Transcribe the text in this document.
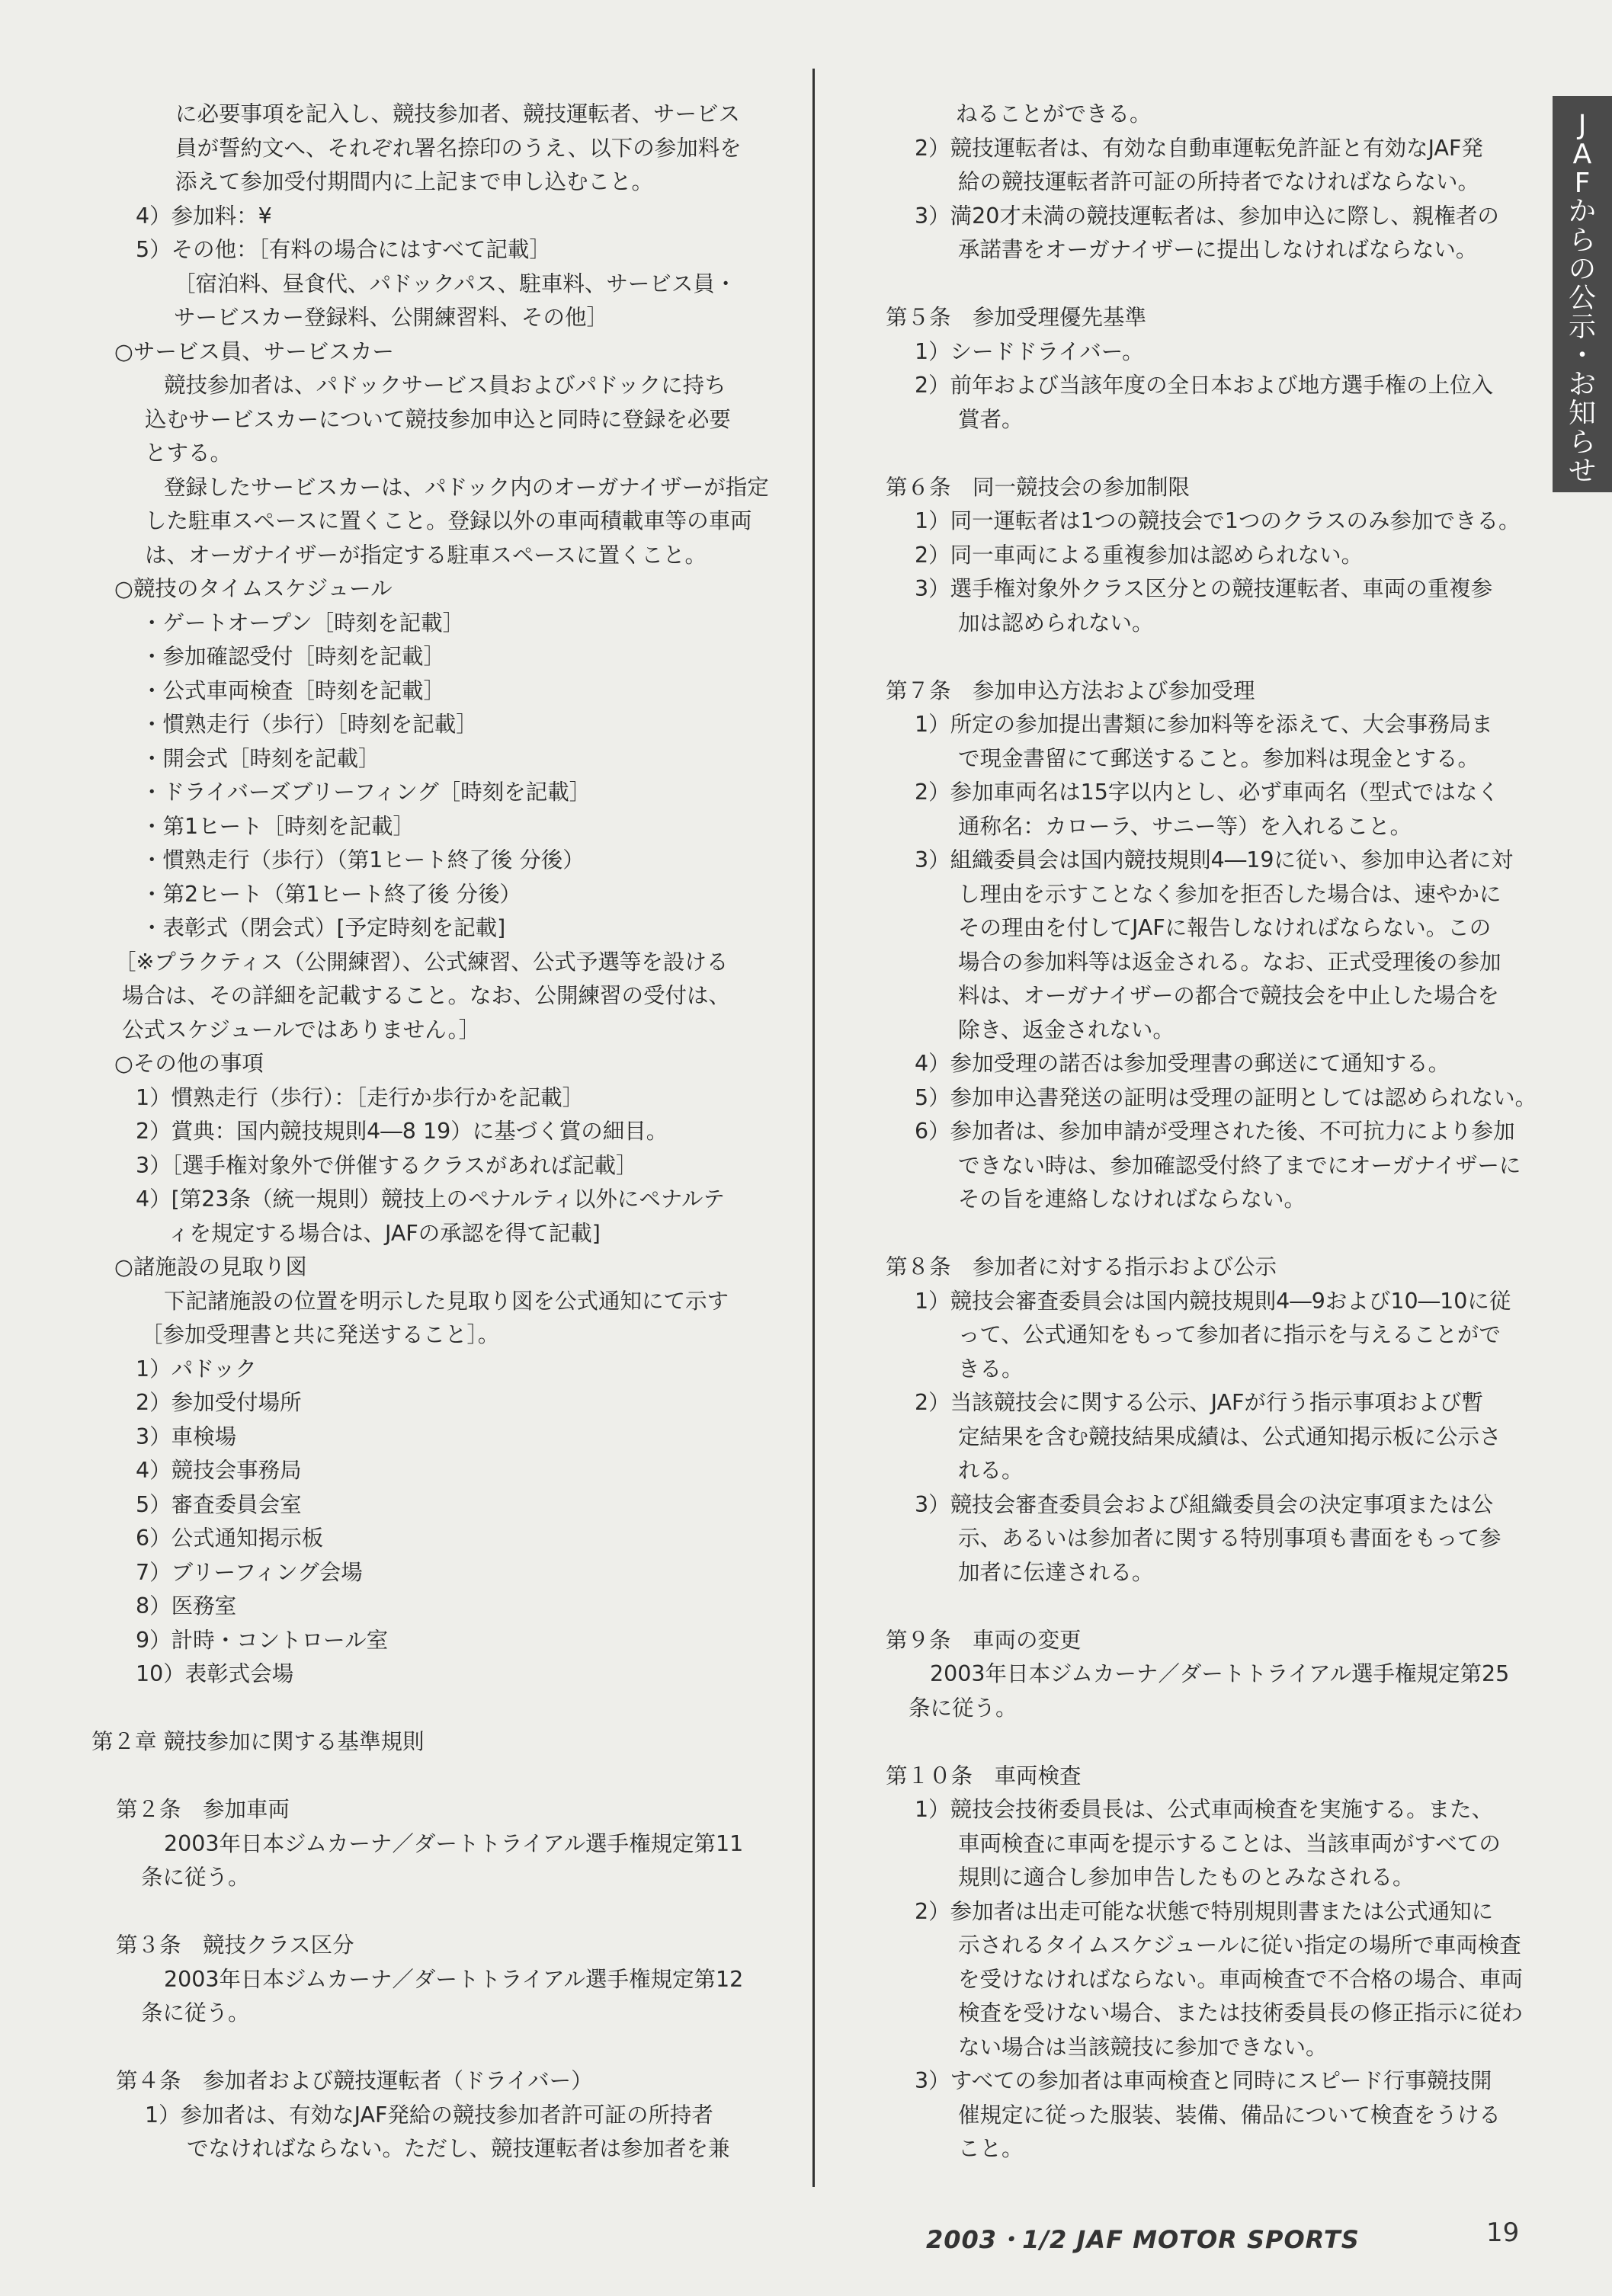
に必要事項を記入し、競技参加者、競技運転者、サービス
員が誓約文へ、それぞれ署名捺印のうえ、以下の参加料を
添えて参加受付期間内に上記まで申し込むこと。
4）参加料：¥
5）その他：［有料の場合にはすべて記載］
［宿泊料、昼食代、パドックパス、駐車料、サービス員・
サービスカー登録料、公開練習料、その他］
○サービス員、サービスカー
競技参加者は、パドックサービス員およびパドックに持ち
込むサービスカーについて競技参加申込と同時に登録を必要
とする。
登録したサービスカーは、パドック内のオーガナイザーが指定
した駐車スペースに置くこと。登録以外の車両積載車等の車両
は、オーガナイザーが指定する駐車スペースに置くこと。
○競技のタイムスケジュール
・ゲートオープン［時刻を記載］
・参加確認受付［時刻を記載］
・公式車両検査［時刻を記載］
・慣熟走行（歩行）［時刻を記載］
・開会式［時刻を記載］
・ドライバーズブリーフィング［時刻を記載］
・第1ヒート［時刻を記載］
・慣熟走行（歩行）（第1ヒート終了後 分後）
・第2ヒート（第1ヒート終了後 分後）
・表彰式（閉会式）[予定時刻を記載]
［※プラクティス（公開練習）、公式練習、公式予選等を設ける
場合は、その詳細を記載すること。なお、公開練習の受付は、
公式スケジュールではありません。］
○その他の事項
1）慣熟走行（歩行）：［走行か歩行かを記載］
2）賞典：国内競技規則4―8 19）に基づく賞の細目。
3）［選手権対象外で併催するクラスがあれば記載］
4）[第23条（統一規則）競技上のペナルティ以外にペナルテ
ィを規定する場合は、JAFの承認を得て記載]
○諸施設の見取り図
下記諸施設の位置を明示した見取り図を公式通知にて示す
［参加受理書と共に発送すること］。
1）パドック
2）参加受付場所
3）車検場
4）競技会事務局
5）審査委員会室
6）公式通知掲示板
7）ブリーフィング会場
8）医務室
9）計時・コントロール室
10）表彰式会場
第２章 競技参加に関する基準規則
第２条　参加車両
2003年日本ジムカーナ／ダートトライアル選手権規定第11
条に従う。
第３条　競技クラス区分
2003年日本ジムカーナ／ダートトライアル選手権規定第12
条に従う。
第４条　参加者および競技運転者（ドライバー）
1）参加者は、有効なJAF発給の競技参加者許可証の所持者
でなければならない。ただし、競技運転者は参加者を兼
ねることができる。
2）競技運転者は、有効な自動車運転免許証と有効なJAF発
　　給の競技運転者許可証の所持者でなければならない。
3）満20才未満の競技運転者は、参加申込に際し、親権者の
　　承諾書をオーガナイザーに提出しなければならない。
第５条　参加受理優先基準
1）シードドライバー。
2）前年および当該年度の全日本および地方選手権の上位入
　　賞者。
第６条　同一競技会の参加制限
1）同一運転者は1つの競技会で1つのクラスのみ参加できる。
2）同一車両による重複参加は認められない。
3）選手権対象外クラス区分との競技運転者、車両の重複参
　　加は認められない。
第７条　参加申込方法および参加受理
1）所定の参加提出書類に参加料等を添えて、大会事務局ま
　　で現金書留にて郵送すること。参加料は現金とする。
2）参加車両名は15字以内とし、必ず車両名（型式ではなく
　　通称名：カローラ、サニー等）を入れること。
3）組織委員会は国内競技規則4―19に従い、参加申込者に対
　　し理由を示すことなく参加を拒否した場合は、速やかに
　　その理由を付してJAFに報告しなければならない。この
　　場合の参加料等は返金される。なお、正式受理後の参加
　　料は、オーガナイザーの都合で競技会を中止した場合を
　　除き、返金されない。
4）参加受理の諾否は参加受理書の郵送にて通知する。
5）参加申込書発送の証明は受理の証明としては認められない。
6）参加者は、参加申請が受理された後、不可抗力により参加
　　できない時は、参加確認受付終了までにオーガナイザーに
　　その旨を連絡しなければならない。
第８条　参加者に対する指示および公示
1）競技会審査委員会は国内競技規則4―9および10―10に従
　　って、公式通知をもって参加者に指示を与えることがで
　　きる。
2）当該競技会に関する公示、JAFが行う指示事項および暫
　　定結果を含む競技結果成績は、公式通知掲示板に公示さ
　　れる。
3）競技会審査委員会および組織委員会の決定事項または公
　　示、あるいは参加者に関する特別事項も書面をもって参
　　加者に伝達される。
第９条　車両の変更
2003年日本ジムカーナ／ダートトライアル選手権規定第25
条に従う。
第１０条　車両検査
1）競技会技術委員長は、公式車両検査を実施する。また、
　　車両検査に車両を提示することは、当該車両がすべての
　　規則に適合し参加申告したものとみなされる。
2）参加者は出走可能な状態で特別規則書または公式通知に
　　示されるタイムスケジュールに従い指定の場所で車両検査
　　を受けなければならない。車両検査で不合格の場合、車両
　　検査を受けない場合、または技術委員長の修正指示に従わ
　　ない場合は当該競技に参加できない。
3）すべての参加者は車両検査と同時にスピード行事競技開
　　催規定に従った服装、装備、備品について検査をうける
　　こと。
J
A
F
か
ら
の
公
示
・
お
知
ら
せ
2003・1/2 JAF MOTOR SPORTS	19
